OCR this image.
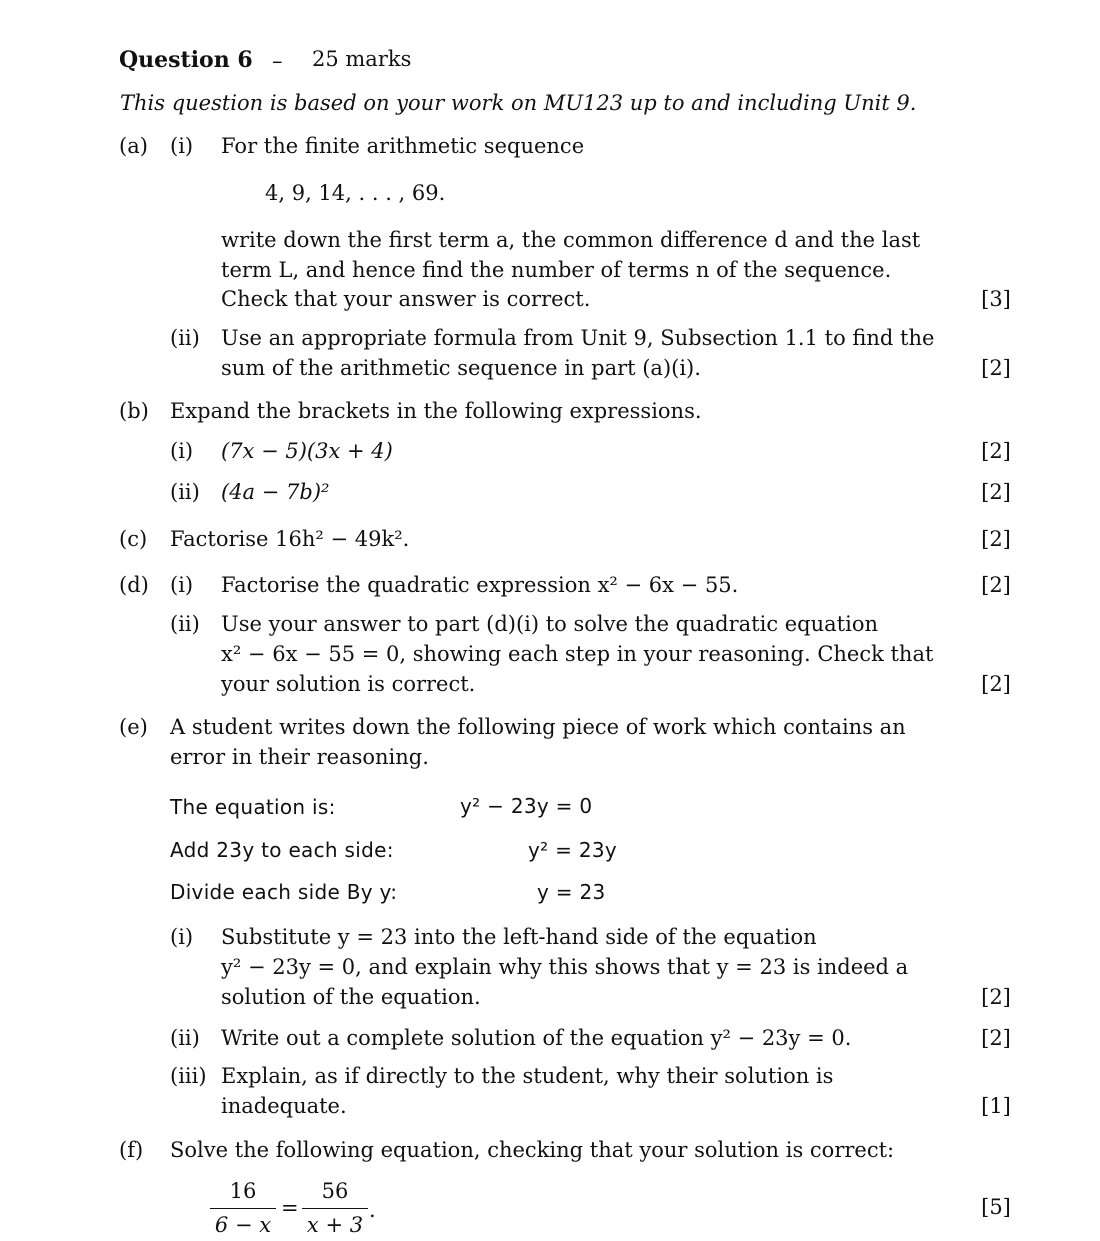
Question 6 – 25 marks
This question is based on your work on MU123 up to and including Unit 9.
(a) (i) For the finite arithmetic sequence
4, 9, 14, . . . , 69.
write down the first term a, the common difference d and the last
term L, and hence find the number of terms n of the sequence.
Check that your answer is correct.	[3]
(ii) Use an appropriate formula from Unit 9, Subsection 1.1 to find the
sum of the arithmetic sequence in part (a)(i).	[2]
(b) Expand the brackets in the following expressions.
(i) (7x − 5)(3x + 4)	[2]
(ii) (4a − 7b)²	[2]
(c) Factorise 16h² − 49k².	[2]
(d) (i) Factorise the quadratic expression x² − 6x − 55.	[2]
(ii) Use your answer to part (d)(i) to solve the quadratic equation
x² − 6x − 55 = 0, showing each step in your reasoning. Check that
your solution is correct.	[2]
(e) A student writes down the following piece of work which contains an
error in their reasoning.
The equation is:	y² − 23y = 0
Add 23y to each side:	y² = 23y
Divide each side By y:	y = 23
(i) Substitute y = 23 into the left-hand side of the equation
y² − 23y = 0, and explain why this shows that y = 23 is indeed a
solution of the equation.	[2]
(ii) Write out a complete solution of the equation y² − 23y = 0.	[2]
(iii) Explain, as if directly to the student, why their solution is
inadequate.	[1]
(f) Solve the following equation, checking that your solution is correct:
$\frac{16}{6 - x} = \frac{56}{x + 3}$ .	[5]
